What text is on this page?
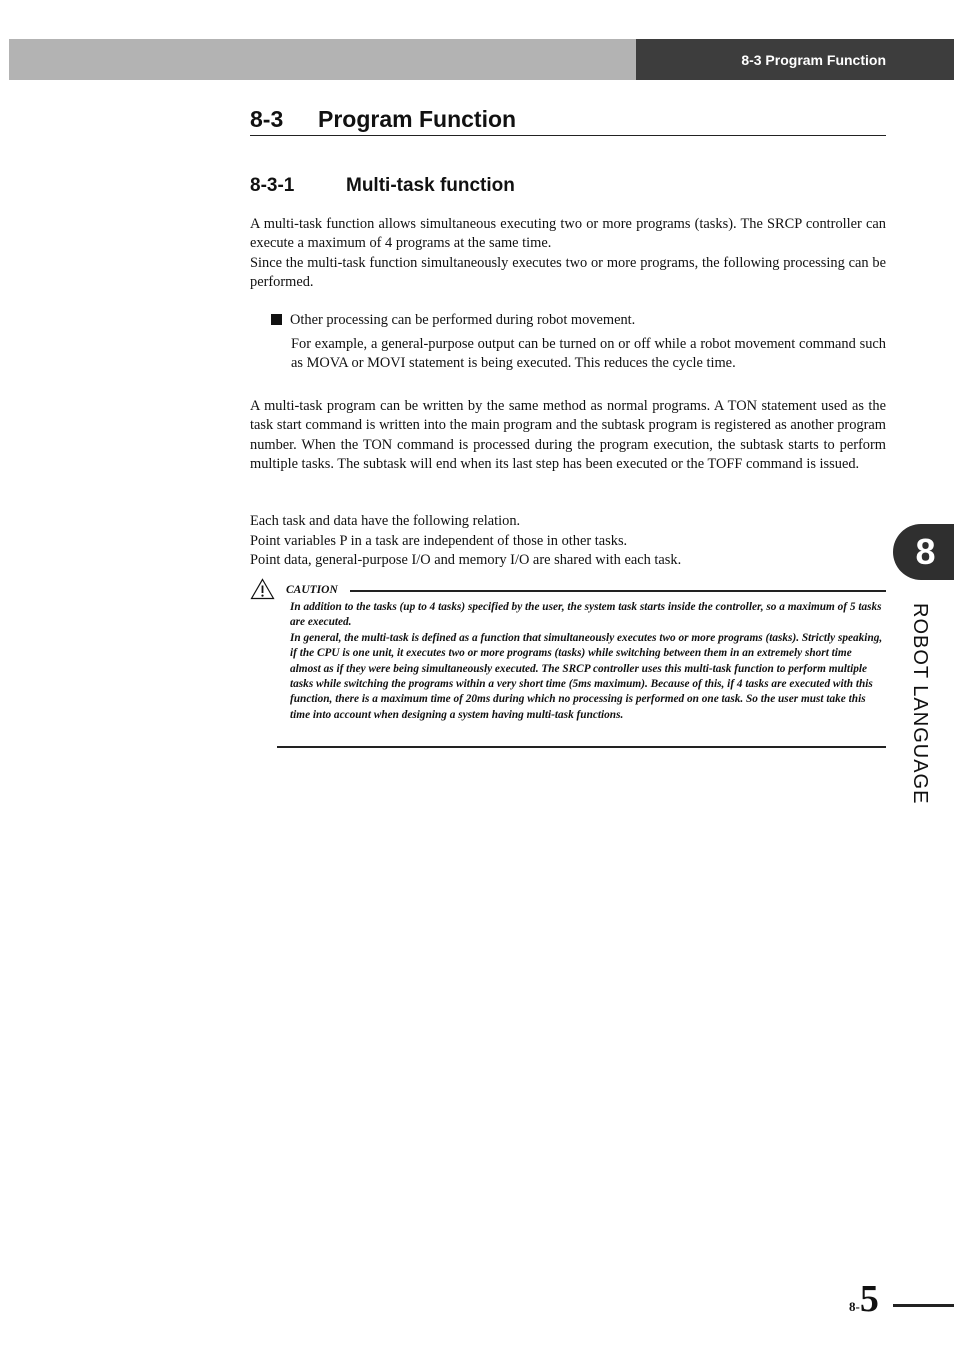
8-3 Program Function
8-3 Program Function
8-3-1	Multi-task function

A multi-task function allows simultaneous executing two or more programs (tasks). The SRCP controller can execute a maximum of 4 programs at the same time.

Since the multi-task function simultaneously executes two or more programs, the following processing can be performed.

Other processing can be performed during robot movement.

For example, a general-purpose output can be turned on or off while a robot movement command such as MOVA or MOVI statement is being executed. This reduces the cycle time.

A multi-task program can be written by the same method as normal programs. A TON statement used as the task start command is written into the main program and the subtask program is registered as another program number. When the TON command is processed during the program execution, the subtask starts to perform multiple tasks. The subtask will end when its last step has been executed or the TOFF command is issued.

Each task and data have the following relation.
Point variables P in a task are independent of those in other tasks.
Point data, general-purpose I/O and memory I/O are shared with each task.
CAUTION

In addition to the tasks (up to 4 tasks) specified by the user, the system task starts inside the controller, so a maximum of 5 tasks are executed.

In general, the multi-task is defined as a function that simultaneously executes two or more programs (tasks). Strictly speaking, if the CPU is one unit, it executes two or more programs (tasks) while switching between them in an extremely short time almost as if they were being simultaneously executed. The SRCP controller uses this multi-task function to perform multiple tasks while switching the programs within a very short time (5ms maximum). Because of this, if 4 tasks are executed with this function, there is a maximum time of 20ms during which no processing is performed on one task. So the user must take this time into account when designing a system having multi-task functions.

8
ROBOT LANGUAGE
8-5
